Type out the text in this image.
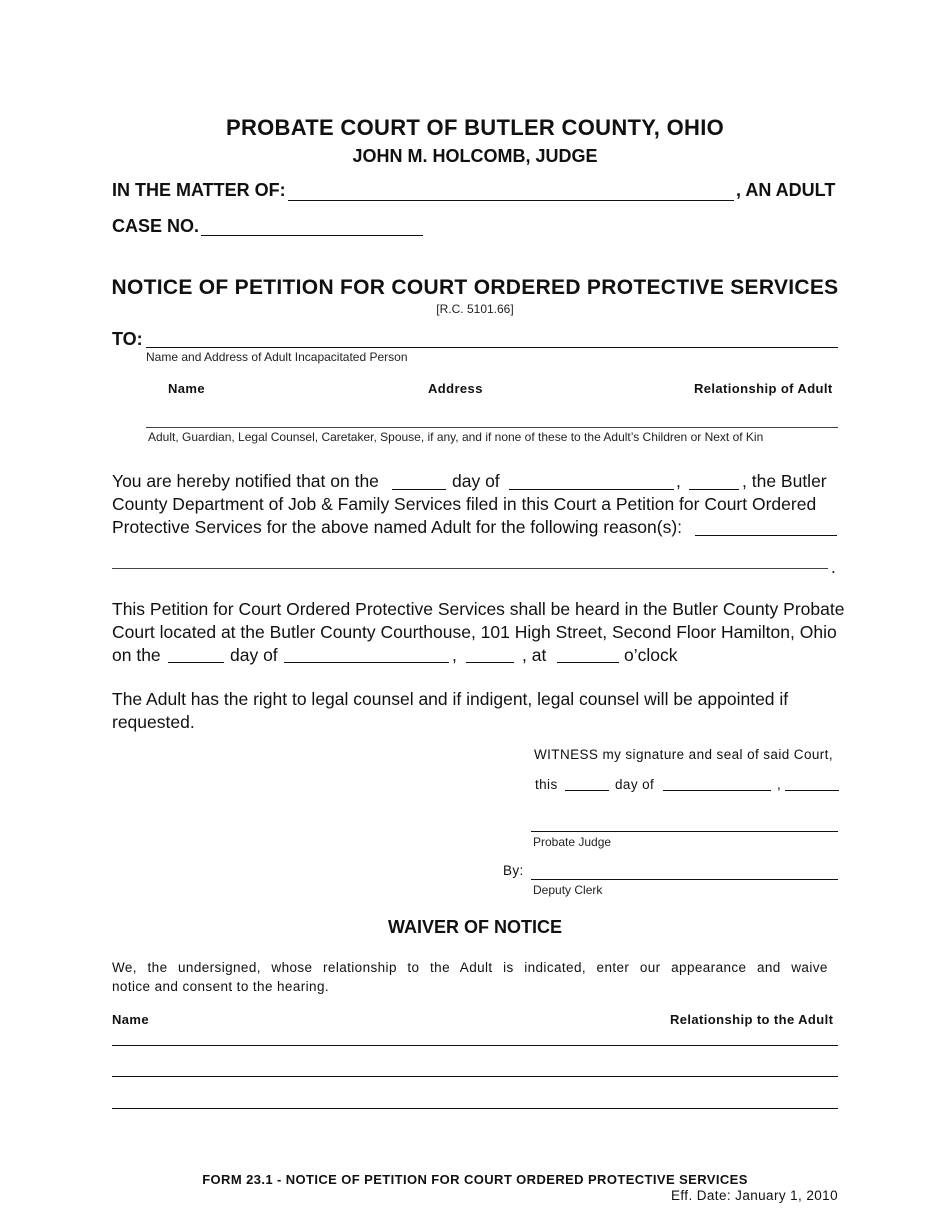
PROBATE COURT OF BUTLER COUNTY, OHIO
JOHN M. HOLCOMB, JUDGE
IN THE MATTER OF:	, AN ADULT
CASE NO.
NOTICE OF PETITION FOR COURT ORDERED PROTECTIVE SERVICES
[R.C. 5101.66]
TO:
Name and Address of Adult Incapacitated Person
Name	Address	Relationship of Adult
Adult, Guardian, Legal Counsel, Caretaker, Spouse, if any, and if none of these to the Adult’s Children or Next of Kin
You are hereby notified that on the	day of	,	, the Butler
County Department of Job & Family Services filed in this Court a Petition for Court Ordered
Protective Services for the above named Adult for the following reason(s):
.
This Petition for Court Ordered Protective Services shall be heard in the Butler County Probate
Court located at the Butler County Courthouse, 101 High Street, Second Floor Hamilton, Ohio
on the	day of	,	, at	o’clock
The Adult has the right to legal counsel and if indigent, legal counsel will be appointed if
requested.
WITNESS my signature and seal of said Court,
this	day of	,
Probate Judge
By:
Deputy Clerk
WAIVER OF NOTICE
We, the undersigned, whose relationship to the Adult is indicated, enter our appearance and waive
notice and consent to the hearing.
Name	Relationship to the Adult
FORM 23.1 - NOTICE OF PETITION FOR COURT ORDERED PROTECTIVE SERVICES
Eff. Date: January 1, 2010
